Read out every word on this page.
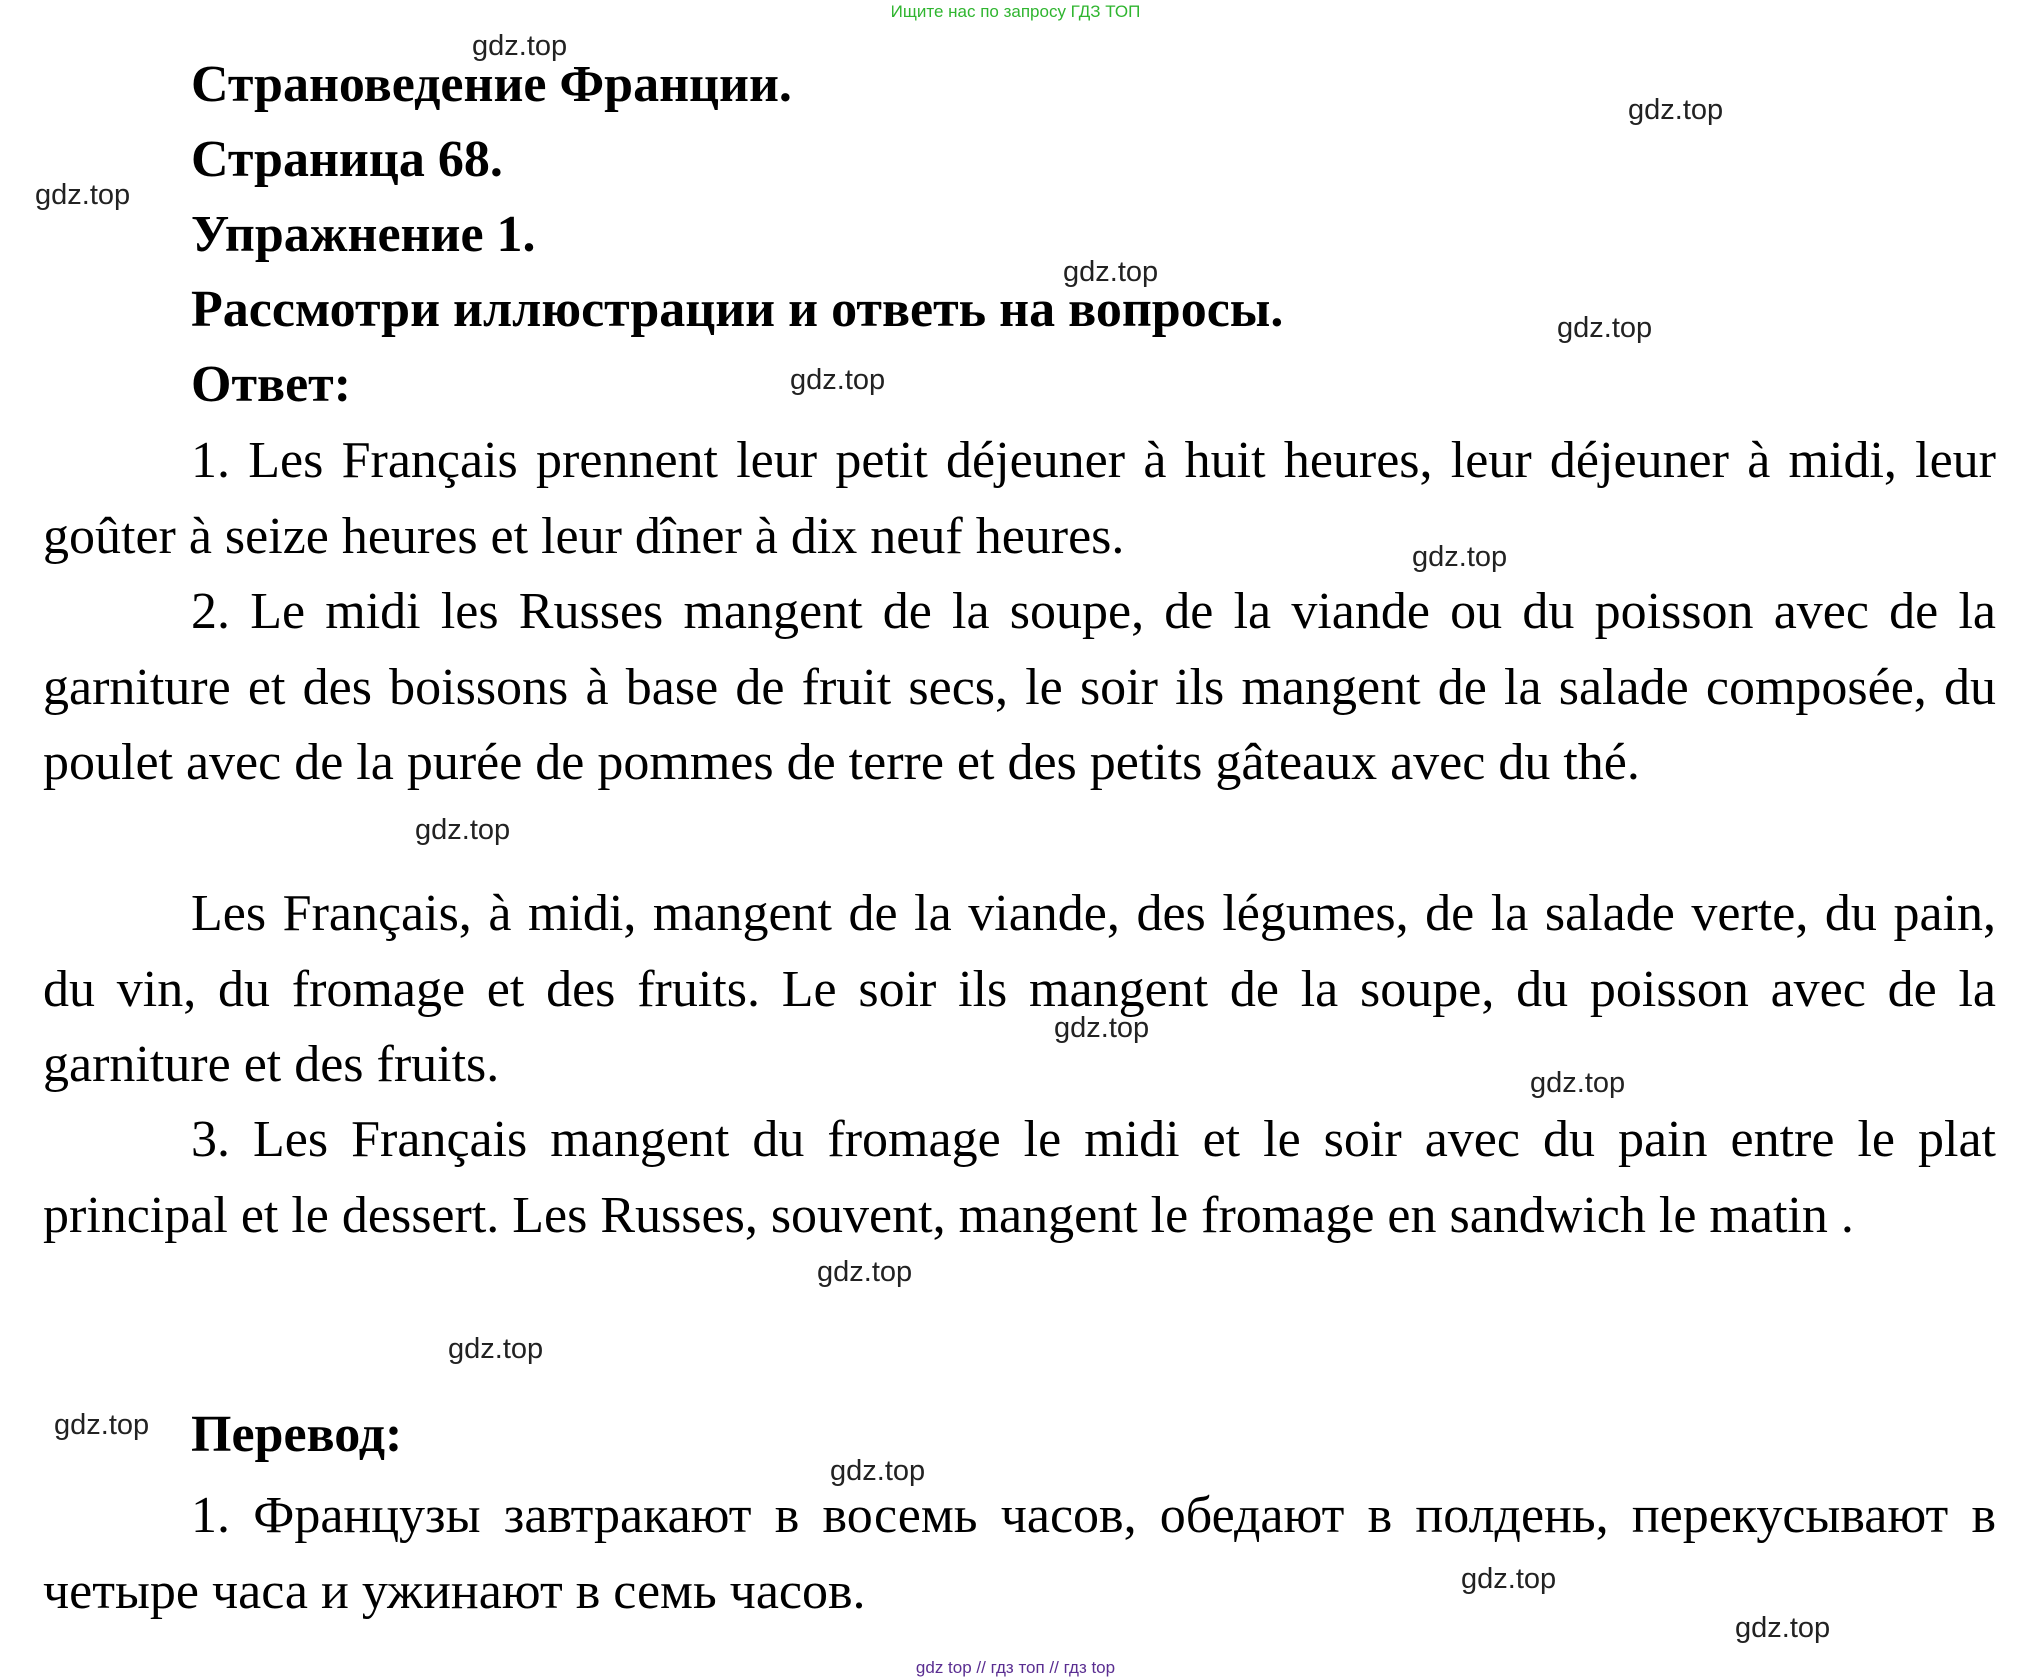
Ищите нас по запросу ГДЗ ТОП
Страноведение Франции.
Страница 68.
Упражнение 1.
Рассмотри иллюстрации и ответь на вопросы.
Ответ:

1. Les Français prennent leur petit déjeuner à huit heures, leur déjeuner à midi, leur goûter à seize heures et leur dîner à dix neuf heures.

2. Le midi les Russes mangent de la soupe, de la viande ou du poisson avec de la garniture et des boissons à base de fruit secs, le soir ils mangent de la salade composée, du poulet avec de la purée de pommes de terre et des petits gâteaux avec du thé.

Les Français, à midi, mangent de la viande, des légumes, de la salade verte, du pain, du vin, du fromage et des fruits. Le soir ils mangent de la soupe, du poisson avec de la garniture et des fruits.

3. Les Français mangent du fromage le midi et le soir avec du pain entre le plat principal et le dessert. Les Russes, souvent, mangent le fromage en sandwich le matin .

Перевод:

1. Французы завтракают в восемь часов, обедают в полдень, перекусывают в четыре часа и ужинают в семь часов.

gdz.top
gdz.top
gdz.top
gdz.top
gdz.top
gdz.top
gdz.top
gdz.top
gdz.top
gdz.top
gdz.top
gdz.top
gdz.top
gdz.top
gdz.top
gdz.top
gdz top // гдз топ // гдз top
